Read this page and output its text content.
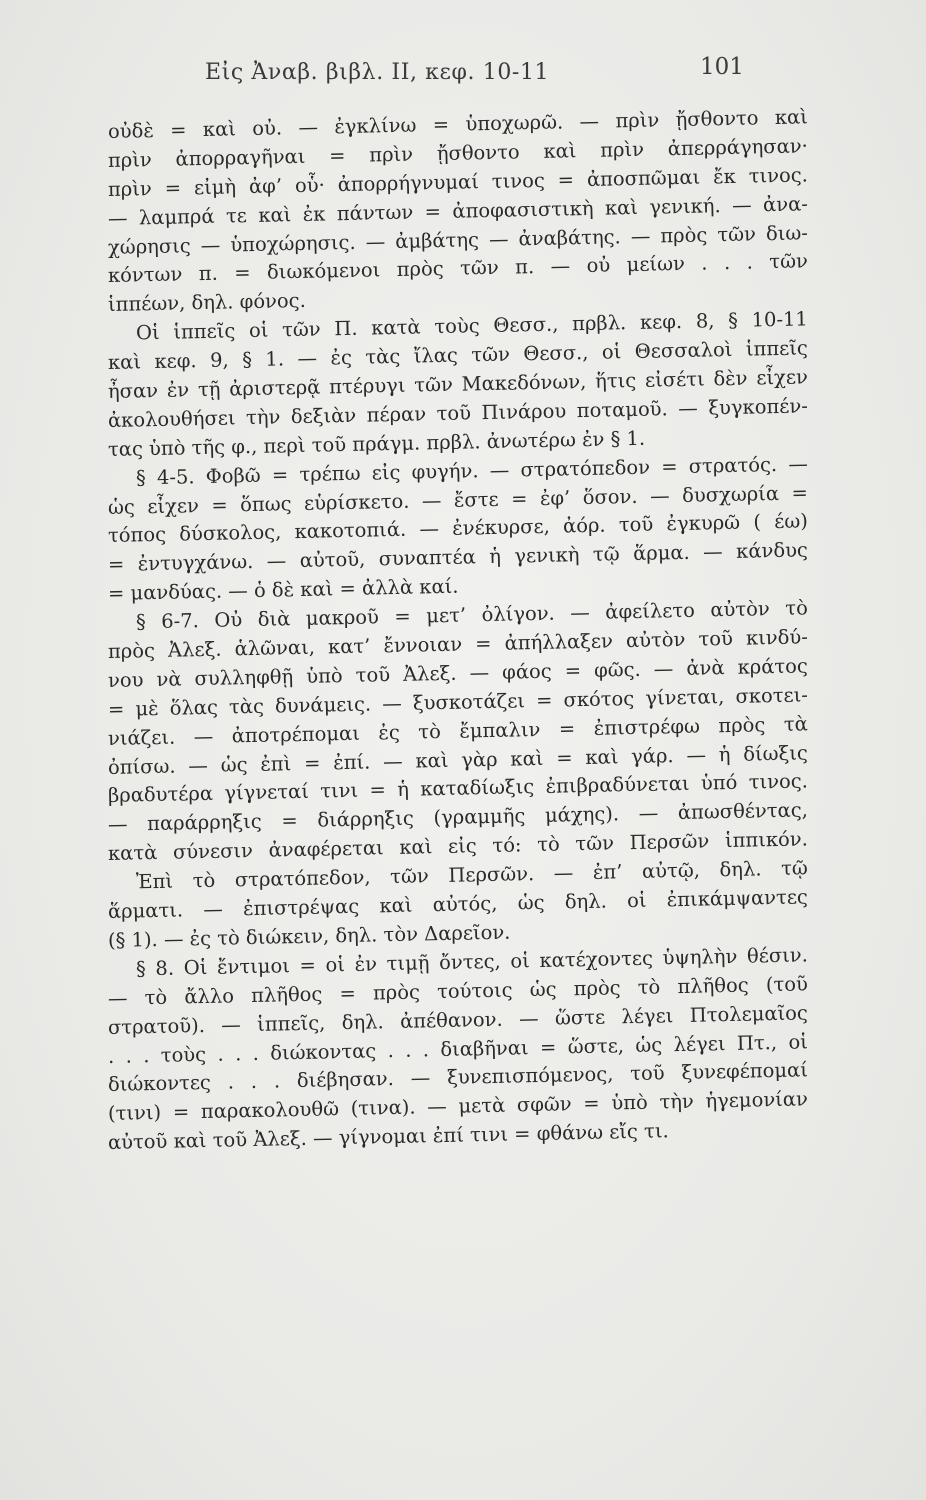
Εἰς Ἀναβ. βιβλ. ΙΙ, κεφ. 10-11	101
οὐδὲ = καὶ οὐ. — ἐγκλίνω = ὑποχωρῶ. — πρὶν ᾔσθοντο καὶ
πρὶν ἀπορραγῆναι = πρὶν ᾔσθοντο καὶ πρὶν ἀπερράγησαν·
πρὶν = εἰμὴ ἀφ’ οὗ· ἀπορρήγνυμαί τινος = ἀποσπῶμαι ἔκ τινος.
— λαμπρά τε καὶ ἐκ πάντων = ἀποφασιστικὴ καὶ γενική. — ἀνα-
χώρησις — ὑποχώρησις. — ἀμβάτης — ἀναβάτης. — πρὸς τῶν διω-
κόντων π. = διωκόμενοι πρὸς τῶν π. — οὐ μείων . . . τῶν
ἱππέων, δηλ. φόνος.
Οἱ ἱππεῖς οἱ τῶν Π. κατὰ τοὺς Θεσσ., πρβλ. κεφ. 8, § 10-11
καὶ κεφ. 9, § 1. — ἐς τὰς ἴλας τῶν Θεσσ., οἱ Θεσσαλοὶ ἱππεῖς
ἦσαν ἐν τῇ ἀριστερᾷ πτέρυγι τῶν Μακεδόνων, ἥτις εἰσέτι δὲν εἶχεν
ἀκολουθήσει τὴν δεξιὰν πέραν τοῦ Πινάρου ποταμοῦ. — ξυγκοπέν-
τας ὑπὸ τῆς φ., περὶ τοῦ πράγμ. πρβλ. ἀνωτέρω ἐν § 1.
§ 4-5. Φοβῶ = τρέπω εἰς φυγήν. — στρατόπεδον = στρατός. —
ὡς εἶχεν = ὅπως εὑρίσκετο. — ἔστε = ἐφ’ ὅσον. — δυσχωρία =
τόπος δύσκολος, κακοτοπιά. — ἐνέκυρσε, ἀόρ. τοῦ ἐγκυρῶ ( έω)
= ἐντυγχάνω. — αὐτοῦ, συναπτέα ἡ γενικὴ τῷ ἅρμα. — κάνδυς
= μανδύας. — ὁ δὲ καὶ = ἀλλὰ καί.
§ 6-7. Οὐ διὰ μακροῦ = μετ’ ὀλίγον. — ἀφείλετο αὐτὸν τὸ
πρὸς Ἀλεξ. ἁλῶναι, κατ’ ἔννοιαν = ἀπήλλαξεν αὐτὸν τοῦ κινδύ-
νου νὰ συλληφθῇ ὑπὸ τοῦ Ἀλεξ. — φάος = φῶς. — ἀνὰ κράτος
= μὲ ὅλας τὰς δυνάμεις. — ξυσκοτάζει = σκότος γίνεται, σκοτει-
νιάζει. — ἀποτρέπομαι ἐς τὸ ἔμπαλιν = ἐπιστρέφω πρὸς τὰ
ὀπίσω. — ὡς ἐπὶ = ἐπί. — καὶ γὰρ καὶ = καὶ γάρ. — ἡ δίωξις
βραδυτέρα γίγνεταί τινι = ἡ καταδίωξις ἐπιβραδύνεται ὑπό τινος.
— παράρρηξις = διάρρηξις (γραμμῆς μάχης). — ἀπωσθέντας,
κατὰ σύνεσιν ἀναφέρεται καὶ εἰς τό: τὸ τῶν Περσῶν ἱππικόν.
Ἐπὶ τὸ στρατόπεδον, τῶν Περσῶν. — ἐπ’ αὐτῷ, δηλ. τῷ
ἅρματι. — ἐπιστρέψας καὶ αὐτός, ὡς δηλ. οἱ ἐπικάμψαντες
(§ 1). — ἐς τὸ διώκειν, δηλ. τὸν Δαρεῖον.
§ 8. Οἱ ἔντιμοι = οἱ ἐν τιμῇ ὄντες, οἱ κατέχοντες ὑψηλὴν θέσιν.
— τὸ ἄλλο πλῆθος = πρὸς τούτοις ὡς πρὸς τὸ πλῆθος (τοῦ
στρατοῦ). — ἱππεῖς, δηλ. ἀπέθανον. — ὥστε λέγει Πτολεμαῖος
. . . τοὺς . . . διώκοντας . . . διαβῆναι = ὥστε, ὡς λέγει Πτ., οἱ
διώκοντες . . . διέβησαν. — ξυνεπισπόμενος, τοῦ ξυνεφέπομαί
(τινι) = παρακολουθῶ (τινα). — μετὰ σφῶν = ὑπὸ τὴν ἡγεμονίαν
αὐτοῦ καὶ τοῦ Ἀλεξ. — γίγνομαι ἐπί τινι = φθάνω εἴς τι.
